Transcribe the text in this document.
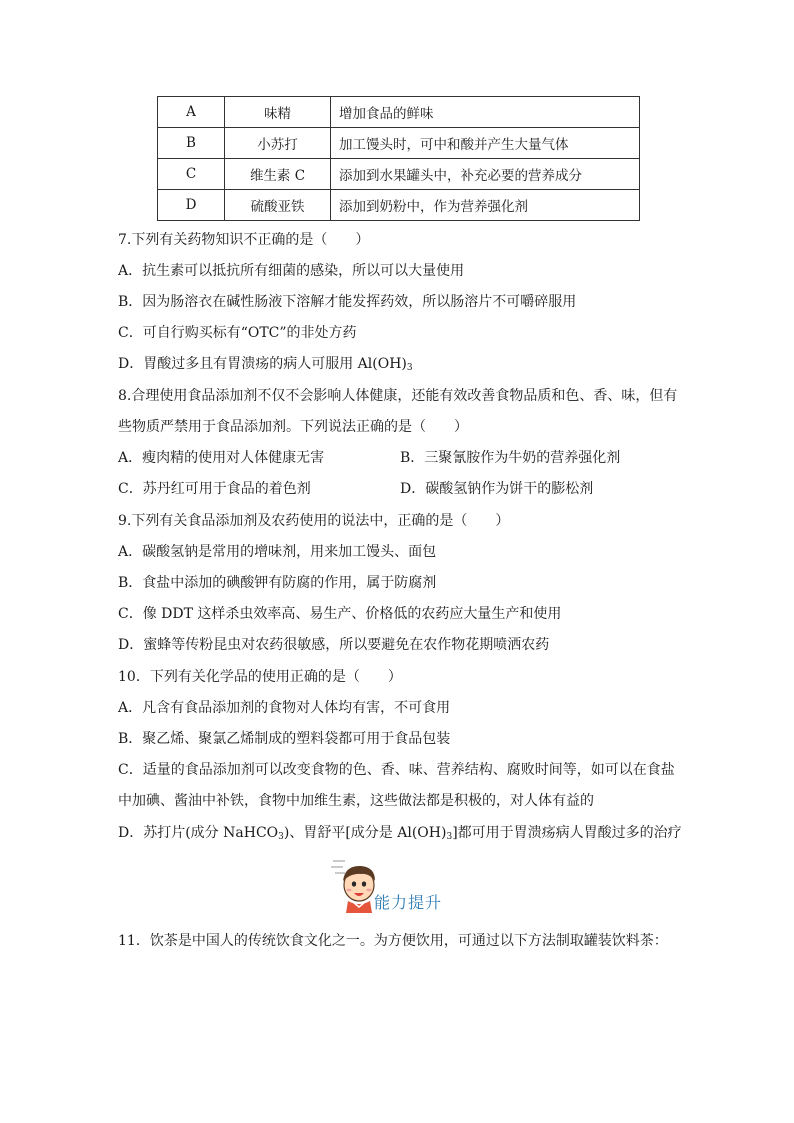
A	味精	增加食品的鲜味
B	小苏打	加工馒头时，可中和酸并产生大量气体
C	维生素 C	添加到水果罐头中，补充必要的营养成分
D	硫酸亚铁	添加到奶粉中，作为营养强化剂
7.下列有关药物知识不正确的是（　　）
A．抗生素可以抵抗所有细菌的感染，所以可以大量使用
B．因为肠溶衣在碱性肠液下溶解才能发挥药效，所以肠溶片不可嚼碎服用
C．可自行购买标有“OTC”的非处方药
D．胃酸过多且有胃溃疡的病人可服用 $Al(OH)_3$
8.合理使用食品添加剂不仅不会影响人体健康，还能有效改善食物品质和色、香、味，但有
些物质严禁用于食品添加剂。下列说法正确的是（　　）
A．瘦肉精的使用对人体健康无害	B．三聚氰胺作为牛奶的营养强化剂
C．苏丹红可用于食品的着色剂	D．碳酸氢钠作为饼干的膨松剂
9.下列有关食品添加剂及农药使用的说法中，正确的是（　　）
A．碳酸氢钠是常用的增味剂，用来加工馒头、面包
B．食盐中添加的碘酸钾有防腐的作用，属于防腐剂
C．像 DDT 这样杀虫效率高、易生产、价格低的农药应大量生产和使用
D．蜜蜂等传粉昆虫对农药很敏感，所以要避免在农作物花期喷洒农药
10．下列有关化学品的使用正确的是（　　）
A．凡含有食品添加剂的食物对人体均有害，不可食用
B．聚乙烯、聚氯乙烯制成的塑料袋都可用于食品包装
C．适量的食品添加剂可以改变食物的色、香、味、营养结构、腐败时间等，如可以在食盐
中加碘、酱油中补铁，食物中加维生素，这些做法都是积极的，对人体有益的
D．苏打片(成分 NaHCO$_3$)、胃舒平[成分是 $Al(OH)_3$]都可用于胃溃疡病人胃酸过多的治疗
能力提升
11．饮茶是中国人的传统饮食文化之一。为方便饮用，可通过以下方法制取罐装饮料茶：
